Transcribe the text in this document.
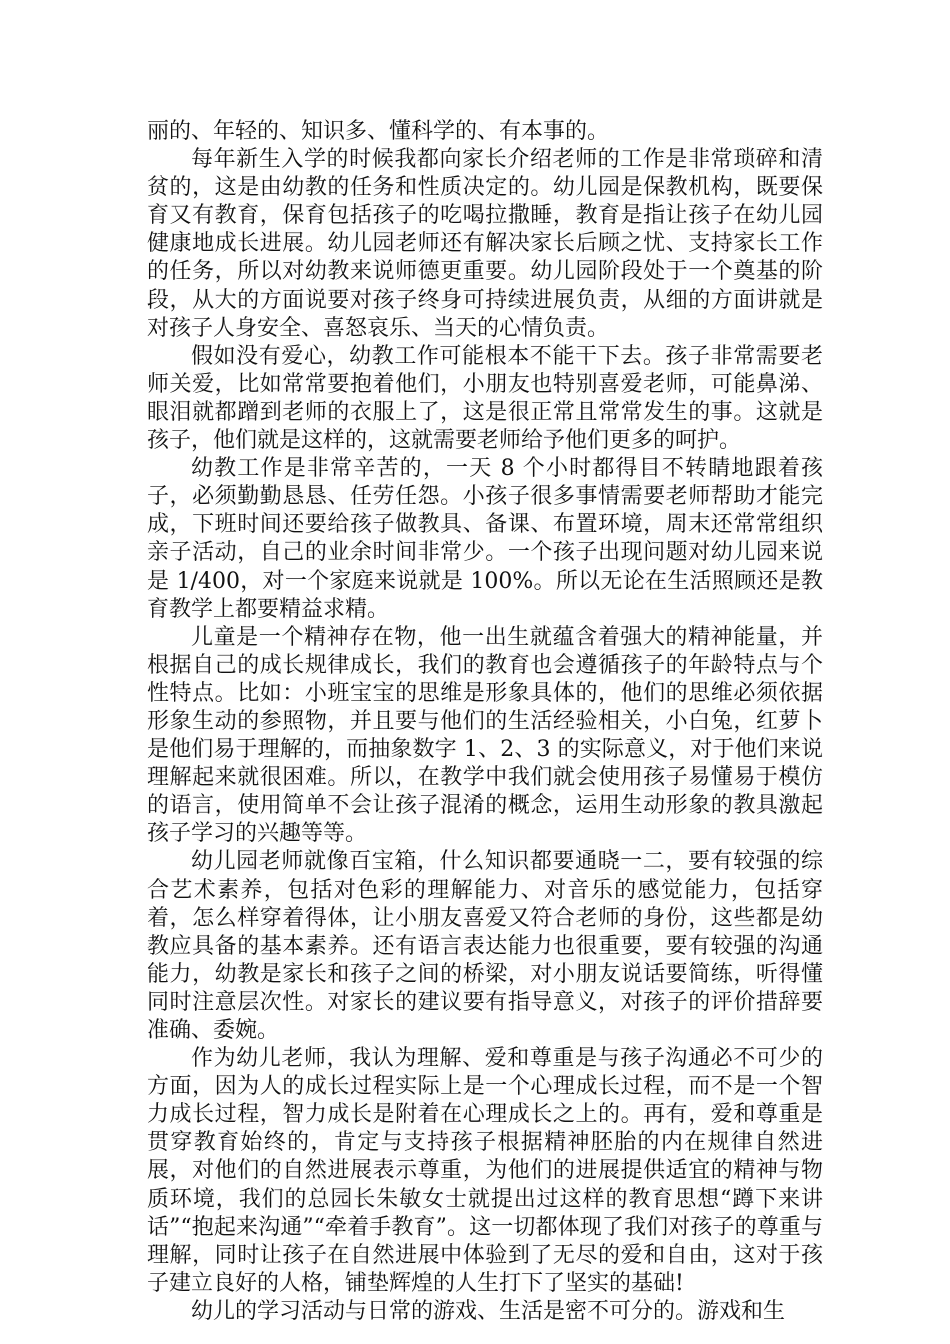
丽的、年轻的、知识多、懂科学的、有本事的。

每年新生入学的时候我都向家长介绍老师的工作是非常琐碎和清贫的，这是由幼教的任务和性质决定的。幼儿园是保教机构，既要保育又有教育，保育包括孩子的吃喝拉撒睡，教育是指让孩子在幼儿园健康地成长进展。幼儿园老师还有解决家长后顾之忧、支持家长工作的任务，所以对幼教来说师德更重要。幼儿园阶段处于一个奠基的阶段，从大的方面说要对孩子终身可持续进展负责，从细的方面讲就是对孩子人身安全、喜怒哀乐、当天的心情负责。

假如没有爱心，幼教工作可能根本不能干下去。孩子非常需要老师关爱，比如常常要抱着他们，小朋友也特别喜爱老师，可能鼻涕、眼泪就都蹭到老师的衣服上了，这是很正常且常常发生的事。这就是孩子，他们就是这样的，这就需要老师给予他们更多的呵护。

幼教工作是非常辛苦的，一天 8 个小时都得目不转睛地跟着孩子，必须勤勤恳恳、任劳任怨。小孩子很多事情需要老师帮助才能完成，下班时间还要给孩子做教具、备课、布置环境，周末还常常组织亲子活动，自己的业余时间非常少。一个孩子出现问题对幼儿园来说是 1/400，对一个家庭来说就是 100%。所以无论在生活照顾还是教育教学上都要精益求精。

儿童是一个精神存在物，他一出生就蕴含着强大的精神能量，并根据自己的成长规律成长，我们的教育也会遵循孩子的年龄特点与个性特点。比如：小班宝宝的思维是形象具体的，他们的思维必须依据形象生动的参照物，并且要与他们的生活经验相关，小白兔，红萝卜是他们易于理解的，而抽象数字 1、2、3 的实际意义，对于他们来说理解起来就很困难。所以，在教学中我们就会使用孩子易懂易于模仿的语言，使用简单不会让孩子混淆的概念，运用生动形象的教具激起孩子学习的兴趣等等。

幼儿园老师就像百宝箱，什么知识都要通晓一二，要有较强的综合艺术素养，包括对色彩的理解能力、对音乐的感觉能力，包括穿着，怎么样穿着得体，让小朋友喜爱又符合老师的身份，这些都是幼教应具备的基本素养。还有语言表达能力也很重要，要有较强的沟通能力，幼教是家长和孩子之间的桥梁，对小朋友说话要简练，听得懂同时注意层次性。对家长的建议要有指导意义，对孩子的评价措辞要准确、委婉。

作为幼儿老师，我认为理解、爱和尊重是与孩子沟通必不可少的方面，因为人的成长过程实际上是一个心理成长过程，而不是一个智力成长过程，智力成长是附着在心理成长之上的。再有，爱和尊重是贯穿教育始终的，肯定与支持孩子根据精神胚胎的内在规律自然进展，对他们的自然进展表示尊重，为他们的进展提供适宜的精神与物质环境，我们的总园长朱敏女士就提出过这样的教育思想“蹲下来讲话”“抱起来沟通”“牵着手教育”。这一切都体现了我们对孩子的尊重与理解，同时让孩子在自然进展中体验到了无尽的爱和自由，这对于孩子建立良好的人格，铺垫辉煌的人生打下了坚实的基础!

幼儿的学习活动与日常的游戏、生活是密不可分的。游戏和生
